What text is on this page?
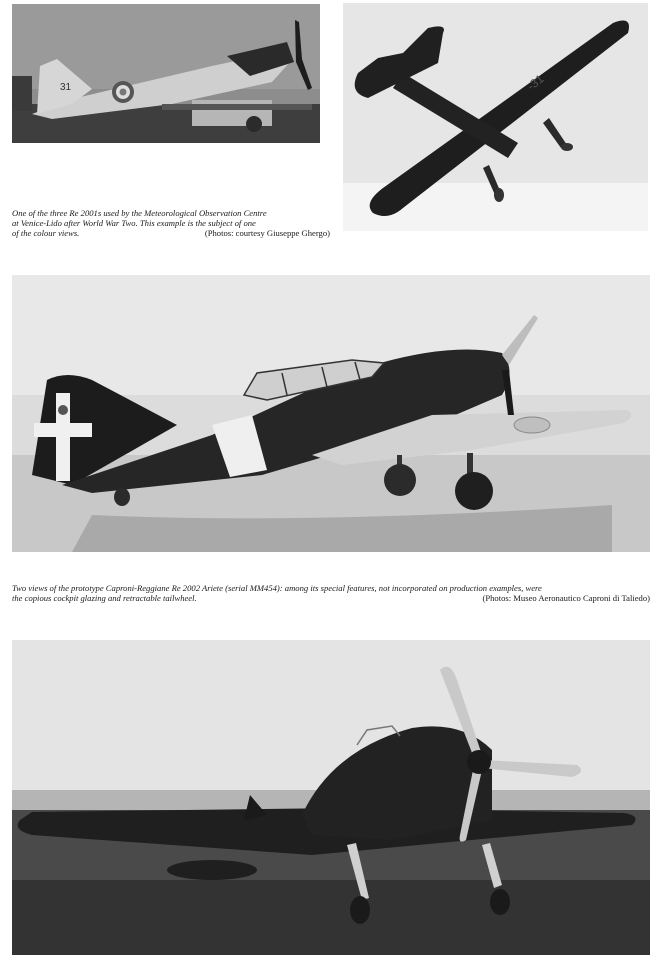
31	-31
One of the three Re 2001s used by the Meteorological Observation Centre
at Venice-Lido after World War Two. This example is the subject of one
of the colour views.	(Photos: courtesy Giuseppe Ghergo)
Two views of the prototype Caproni-Reggiane Re 2002 Ariete (serial MM454): among its special features, not incorporated on production examples, were
the copious cockpit glazing and retractable tailwheel.	(Photos: Museo Aeronautico Caproni di Taliedo)
